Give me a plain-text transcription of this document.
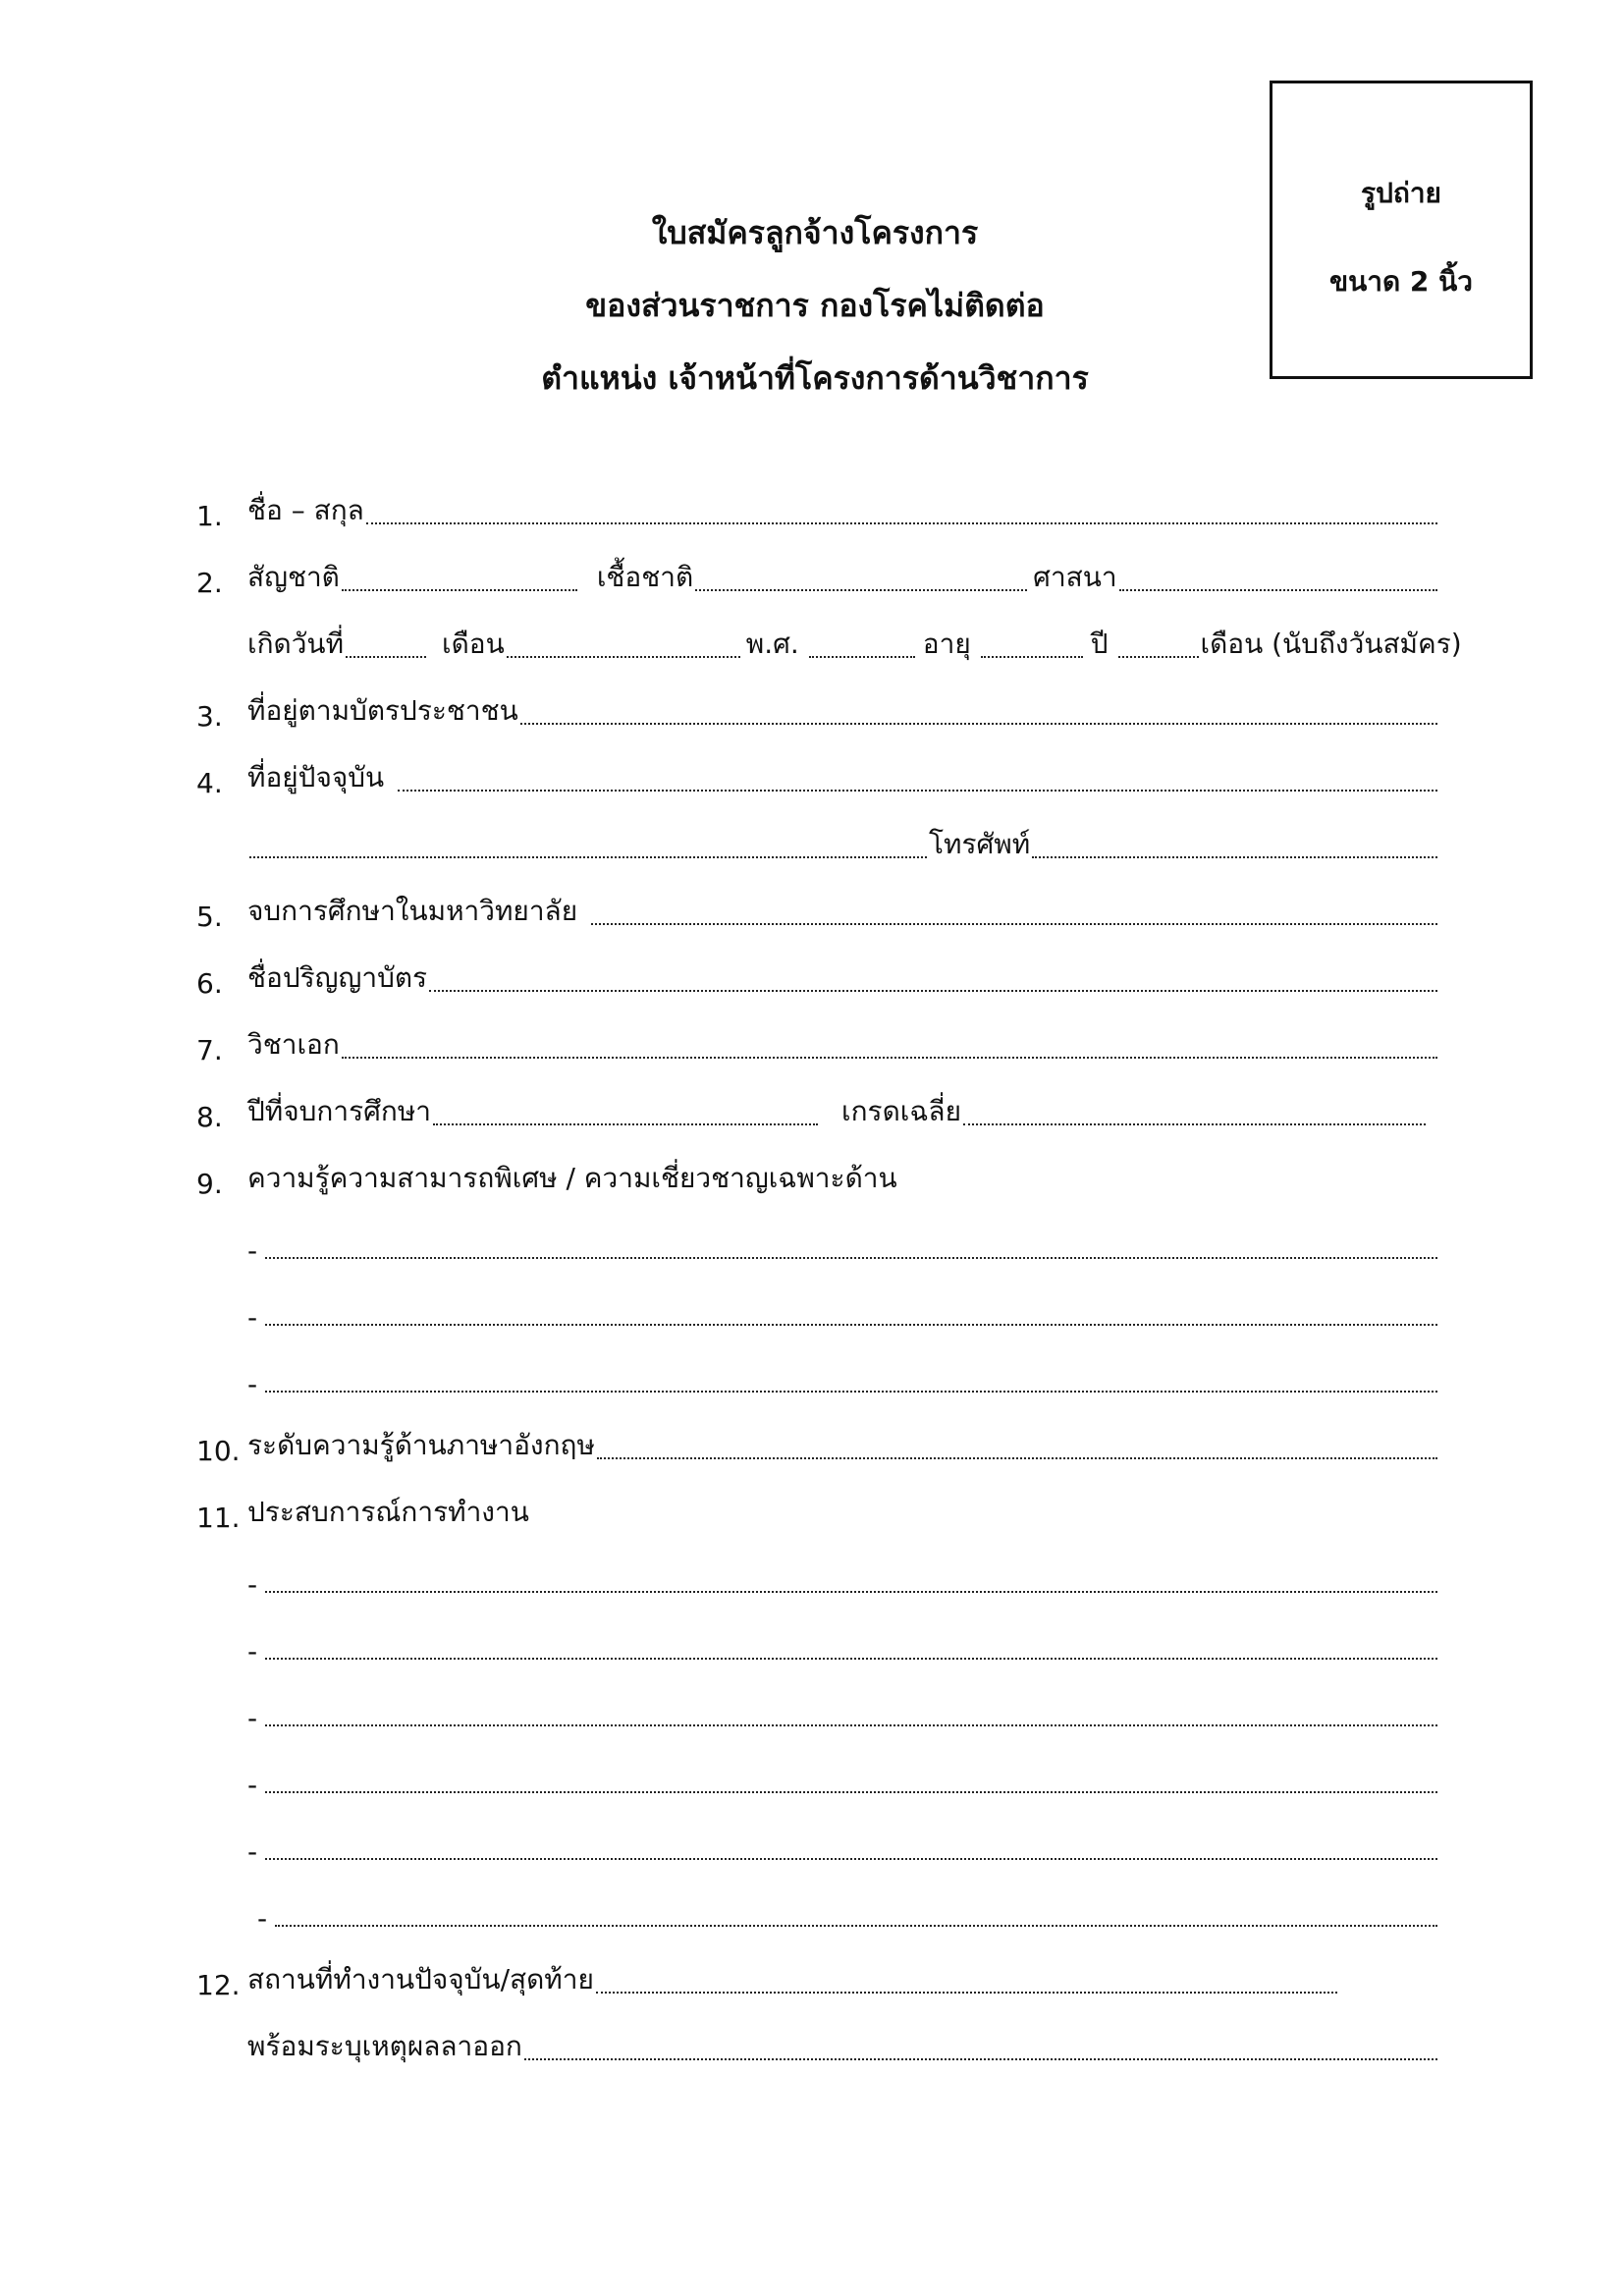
รูปถ่าย
ขนาด 2 นิ้ว
ใบสมัครลูกจ้างโครงการ
ของส่วนราชการ กองโรคไม่ติดต่อ
ตำแหน่ง เจ้าหน้าที่โครงการด้านวิชาการ
1. ชื่อ – สกุล
2. สัญชาติ	เชื้อชาติ	ศาสนา
เกิดวันที่	เดือน	พ.ศ.	อายุ	ปี	เดือน (นับถึงวันสมัคร)
3. ที่อยู่ตามบัตรประชาชน
4. ที่อยู่ปัจจุบัน
โทรศัพท์
5. จบการศึกษาในมหาวิทยาลัย
6. ชื่อปริญญาบัตร
7. วิชาเอก
8. ปีที่จบการศึกษา	เกรดเฉลี่ย
9. ความรู้ความสามารถพิเศษ / ความเชี่ยวชาญเฉพาะด้าน
-
-
-
10. ระดับความรู้ด้านภาษาอังกฤษ
11. ประสบการณ์การทำงาน
-
-
-
-
-
-
12. สถานที่ทำงานปัจจุบัน/สุดท้าย
พร้อมระบุเหตุผลลาออก
